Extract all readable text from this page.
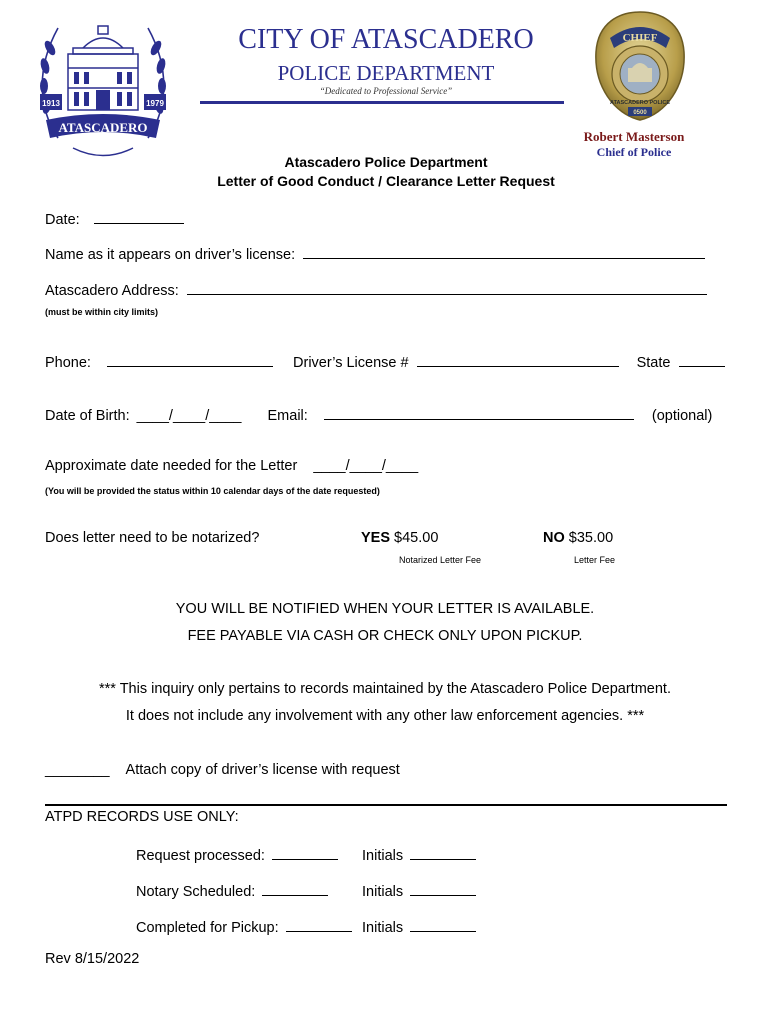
1913	1979
ATASCADERO
CITY OF ATASCADERO
POLICE DEPARTMENT
“Dedicated to Professional Service”
CHIEF
ATASCADERO POLICE
0500
Robert Masterson
Chief of Police
Atascadero Police Department
Letter of Good Conduct / Clearance Letter Request
Date:
Name as it appears on driver’s license:
Atascadero Address:
(must be within city limits)
Phone:	Driver’s License #	State
Date of Birth: ____/____/____ Email:	(optional)
Approximate date needed for the Letter ____/____/____
(You will be provided the status within 10 calendar days of the date requested)
Does letter need to be notarized?	YES $45.00
Notarized Letter Fee
NO $35.00
Letter Fee
YOU WILL BE NOTIFIED WHEN YOUR LETTER IS AVAILABLE.
FEE PAYABLE VIA CASH OR CHECK ONLY UPON PICKUP.
*** This inquiry only pertains to records maintained by the Atascadero Police Department.
It does not include any involvement with any other law enforcement agencies. ***
________ Attach copy of driver’s license with request
ATPD RECORDS USE ONLY:
Request processed:	Initials
Notary Scheduled:	Initials
Completed for Pickup:	Initials
Rev 8/15/2022
